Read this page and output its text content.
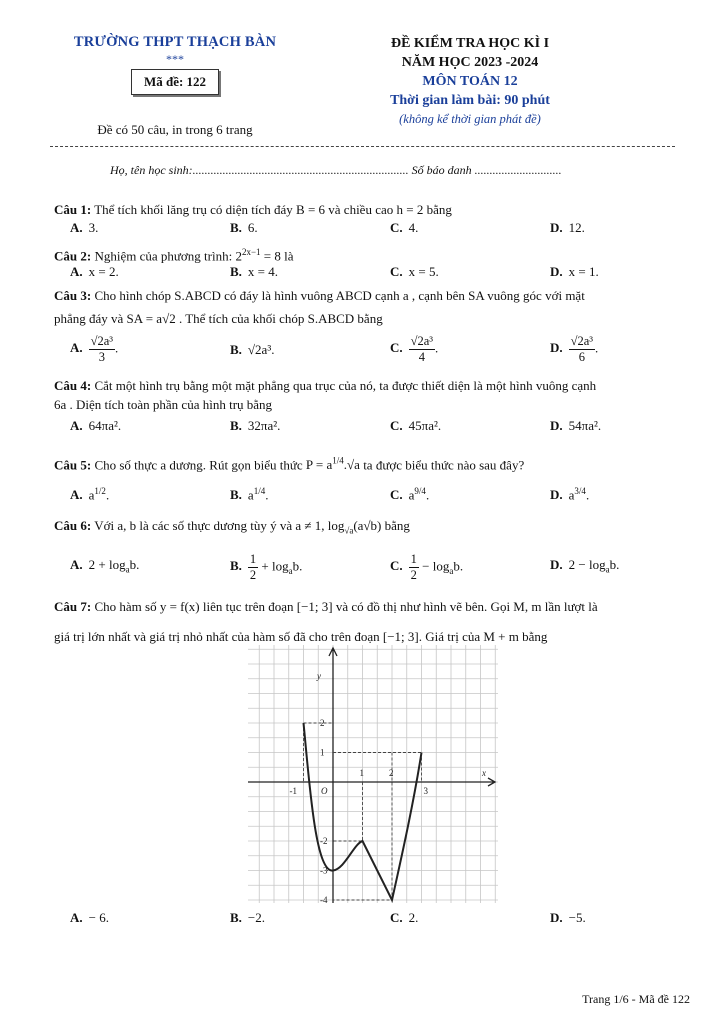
TRƯỜNG THPT THẠCH BÀN
***
Mã đề: 122
Đề có 50 câu, in trong 6 trang
ĐỀ KIỂM TRA HỌC KÌ I
NĂM HỌC 2023 -2024
MÔN TOÁN 12
Thời gian làm bài: 90 phút
(không kể thời gian phát đề)
Họ, tên học sinh:........................................................................ Số báo danh .............................
Câu 1: Thể tích khối lăng trụ có diện tích đáy B = 6 và chiều cao h = 2 bằng
A. 3.	B. 6.	C. 4.	D. 12.
Câu 2: Nghiệm của phương trình: $2^{2x-1} = 8$ là
A. x = 2.	B. x = 4.	C. x = 5.	D. x = 1.
Câu 3: Cho hình chóp S.ABCD có đáy là hình vuông ABCD cạnh a , cạnh bên SA vuông góc với mặt
phẳng đáy và SA = a√2 . Thể tích của khối chóp S.ABCD bằng
A. $\frac{\text{√2a³}}{3}$ .	B. √2a³.	C. $\frac{\text{√2a³}}{4}$ .	D. $\frac{\text{√2a³}}{6}$ .
Câu 4: Cắt một hình trụ bằng một mặt phẳng qua trục của nó, ta được thiết diện là một hình vuông cạnh
6a . Diện tích toàn phần của hình trụ bằng
A. 64πa².	B. 32πa².	C. 45πa².	D. 54πa².
Câu 5: Cho số thực a dương. Rút gọn biểu thức $P = a^{1/4}.√a$ ta được biểu thức nào sau đây?
A. $a^{1/2}$.	B. $a^{1/4}$.	C. $a^{9/4}$.	D. $a^{3/4}$.
Câu 6: Với a, b là các số thực dương tùy ý và a ≠ 1, $\log_{√a}(a√b)$ bằng
A. $2 + \log_ab$.	B. $\frac{1}{2} + \log_ab$.	C. $\frac{1}{2} - \log_ab$.	D. $2 - \log_ab$.
Câu 7: Cho hàm số y = f(x) liên tục trên đoạn [−1; 3] và có đồ thị như hình vẽ bên. Gọi M, m lần lượt là
giá trị lớn nhất và giá trị nhỏ nhất của hàm số đã cho trên đoạn [−1; 3]. Giá trị của M + m bằng
y
x
O
-1
1	2
3
2
1
-2
-3
-4
A. − 6.	B. −2.	C. 2.	D. −5.
Trang 1/6 - Mã đề 122
